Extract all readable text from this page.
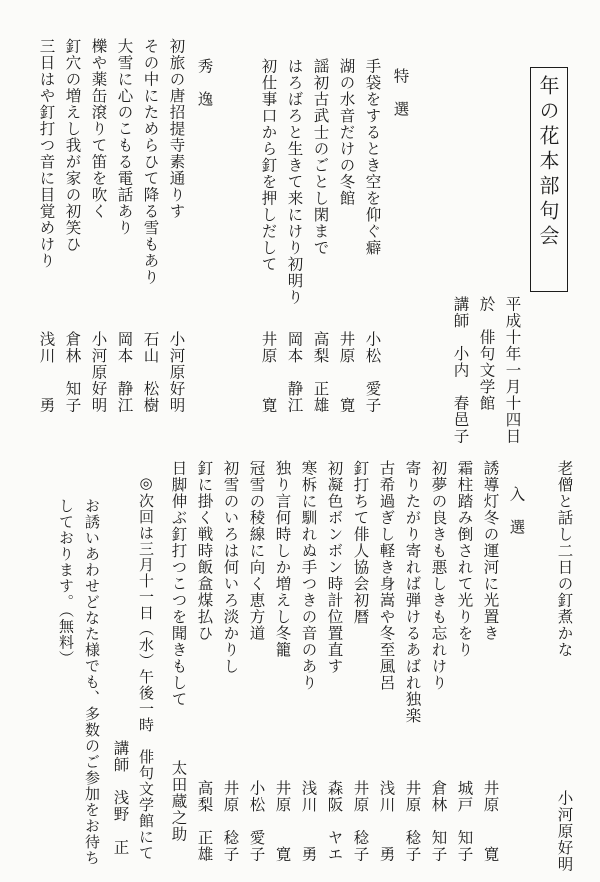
年の花本部句会
平成十年一月十四日
於　俳句文学館
講師　小内　春邑子
特　選
手袋をするとき空を仰ぐ癖
湖の水音だけの冬館
謡初古武士のごとし閑まで
はろばろと生きて来にけり初明り
初仕事口から釘を押しだして
小松　愛子
井原　　寛
高梨　正雄
岡本　静江
井原　　寛
秀　逸
初旅の唐招提寺素通りす
その中にためらひて降る雪もあり
大雪に心のこもる電話あり
櫟や薬缶滾りて笛を吹く
釘穴の増えし我が家の初笑ひ
三日はや釘打つ音に目覚めけり
小河原好明
石山　松樹
岡本　静江
小河原好明
倉林　知子
浅川　　勇
老僧と話し二日の釘煮かな
小河原好明
入　選
誘導灯冬の運河に光置き
霜柱踏み倒されて光りをり
初夢の良きも悪しきも忘れけり
寄りたがり寄れば弾けるあばれ独楽
古希過ぎし軽き身嵩や冬至風呂
釘打ちて俳人協会初暦
初凝色ボンボン時計位置直す
寒柝に馴れぬ手つきの音のあり
独り言何時しか増えし冬籠
冠雪の稜線に向く恵方道
初雪のいろは何いろ淡かりし
釘に掛く戦時飯盒煤払ひ
日脚伸ぶ釘打つこつを聞きもして
井原　　寛
城戸　知子
倉林　知子
井原　稔子
浅川　　勇
井原　稔子
森阪　ヤエ
浅川　　勇
井原　　寛
小松　愛子
井原　稔子
高梨　正雄
太田蔵之助
◎次回は三月十一日（水）午後一時　俳句文学館にて
講師　浅野　正
お誘いあわせどなた様でも、多数のご参加をお待ち
しております。（無料）
